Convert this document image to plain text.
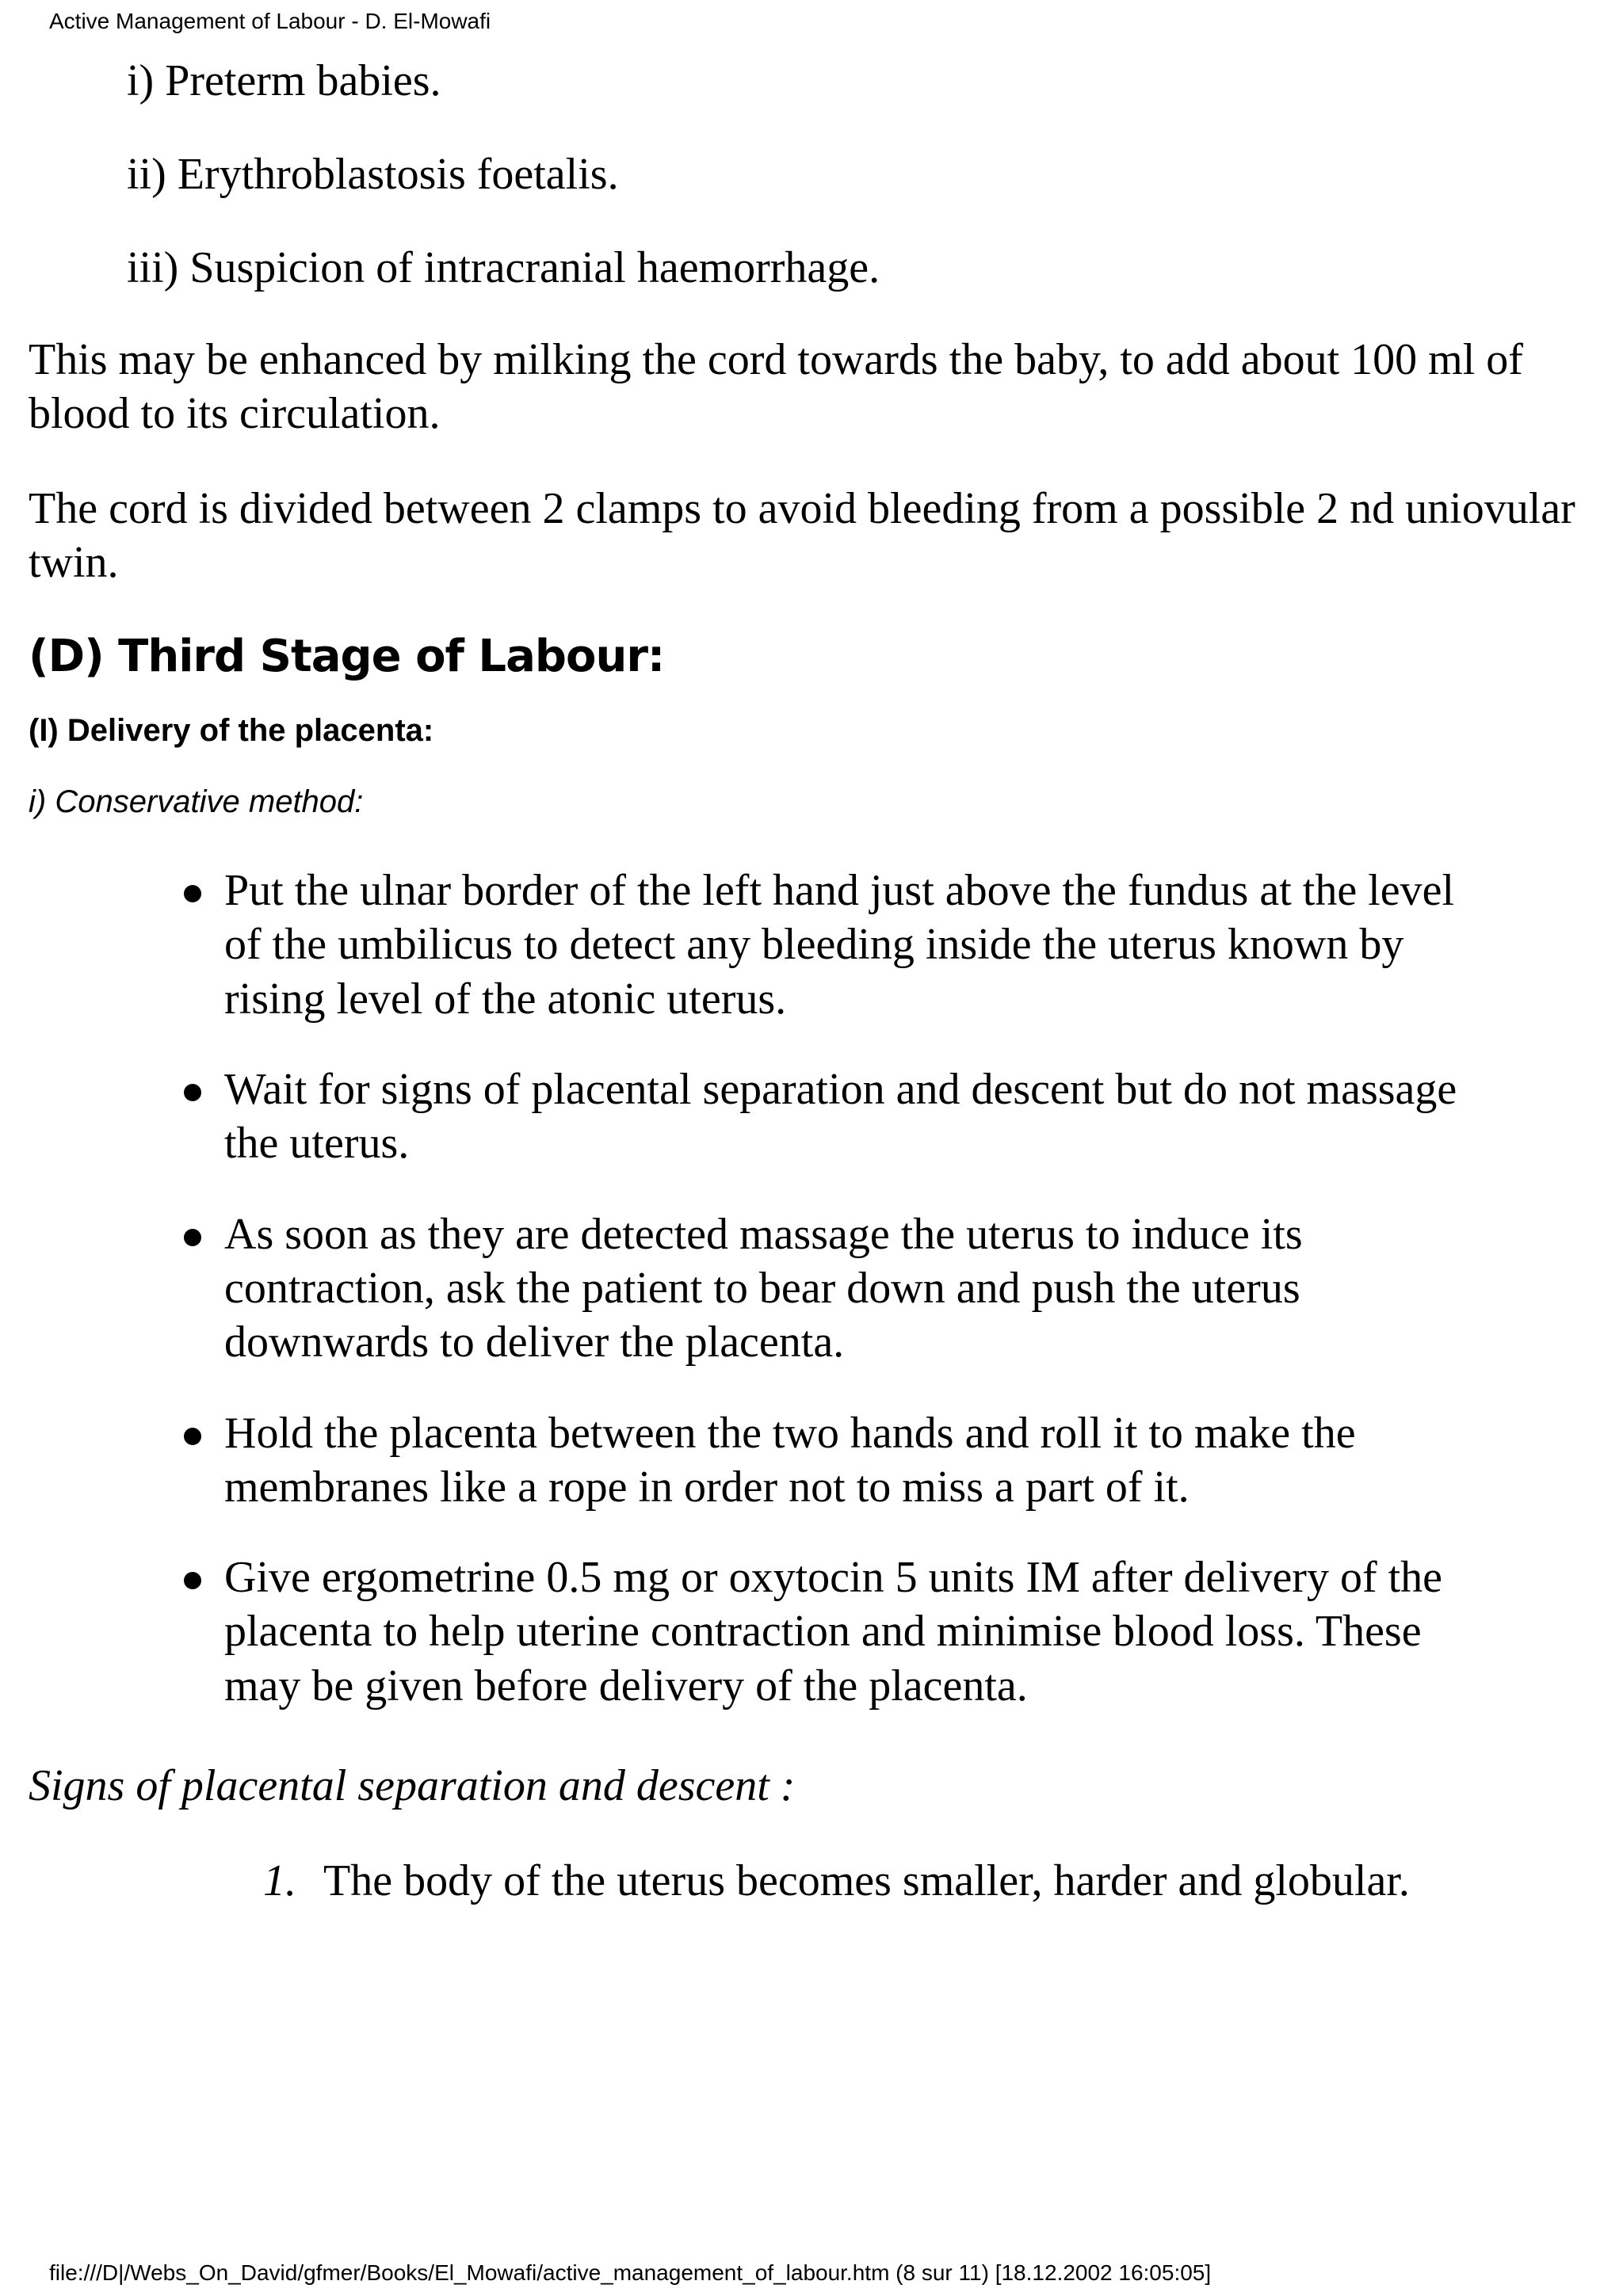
Active Management of Labour - D. El-Mowafi

i) Preterm babies.

ii) Erythroblastosis foetalis.

iii) Suspicion of intracranial haemorrhage.

This may be enhanced by milking the cord towards the baby, to add about 100 ml of blood to its circulation.

The cord is divided between 2 clamps to avoid bleeding from a possible 2 nd uniovular twin.

(D) Third Stage of Labour:
(I) Delivery of the placenta:

i) Conservative method:

Put the ulnar border of the left hand just above the fundus at the level of the umbilicus to detect any bleeding inside the uterus known by rising level of the atonic uterus.
Wait for signs of placental separation and descent but do not massage the uterus.
As soon as they are detected massage the uterus to induce its contraction, ask the patient to bear down and push the uterus downwards to deliver the placenta.
Hold the placenta between the two hands and roll it to make the membranes like a rope in order not to miss a part of it.
Give ergometrine 0.5 mg or oxytocin 5 units IM after delivery of the placenta to help uterine contraction and minimise blood loss. These may be given before delivery of the placenta.

Signs of placental separation and descent :

1. The body of the uterus becomes smaller, harder and globular.
file:///D|/Webs_On_David/gfmer/Books/El_Mowafi/active_management_of_labour.htm (8 sur 11) [18.12.2002 16:05:05]
